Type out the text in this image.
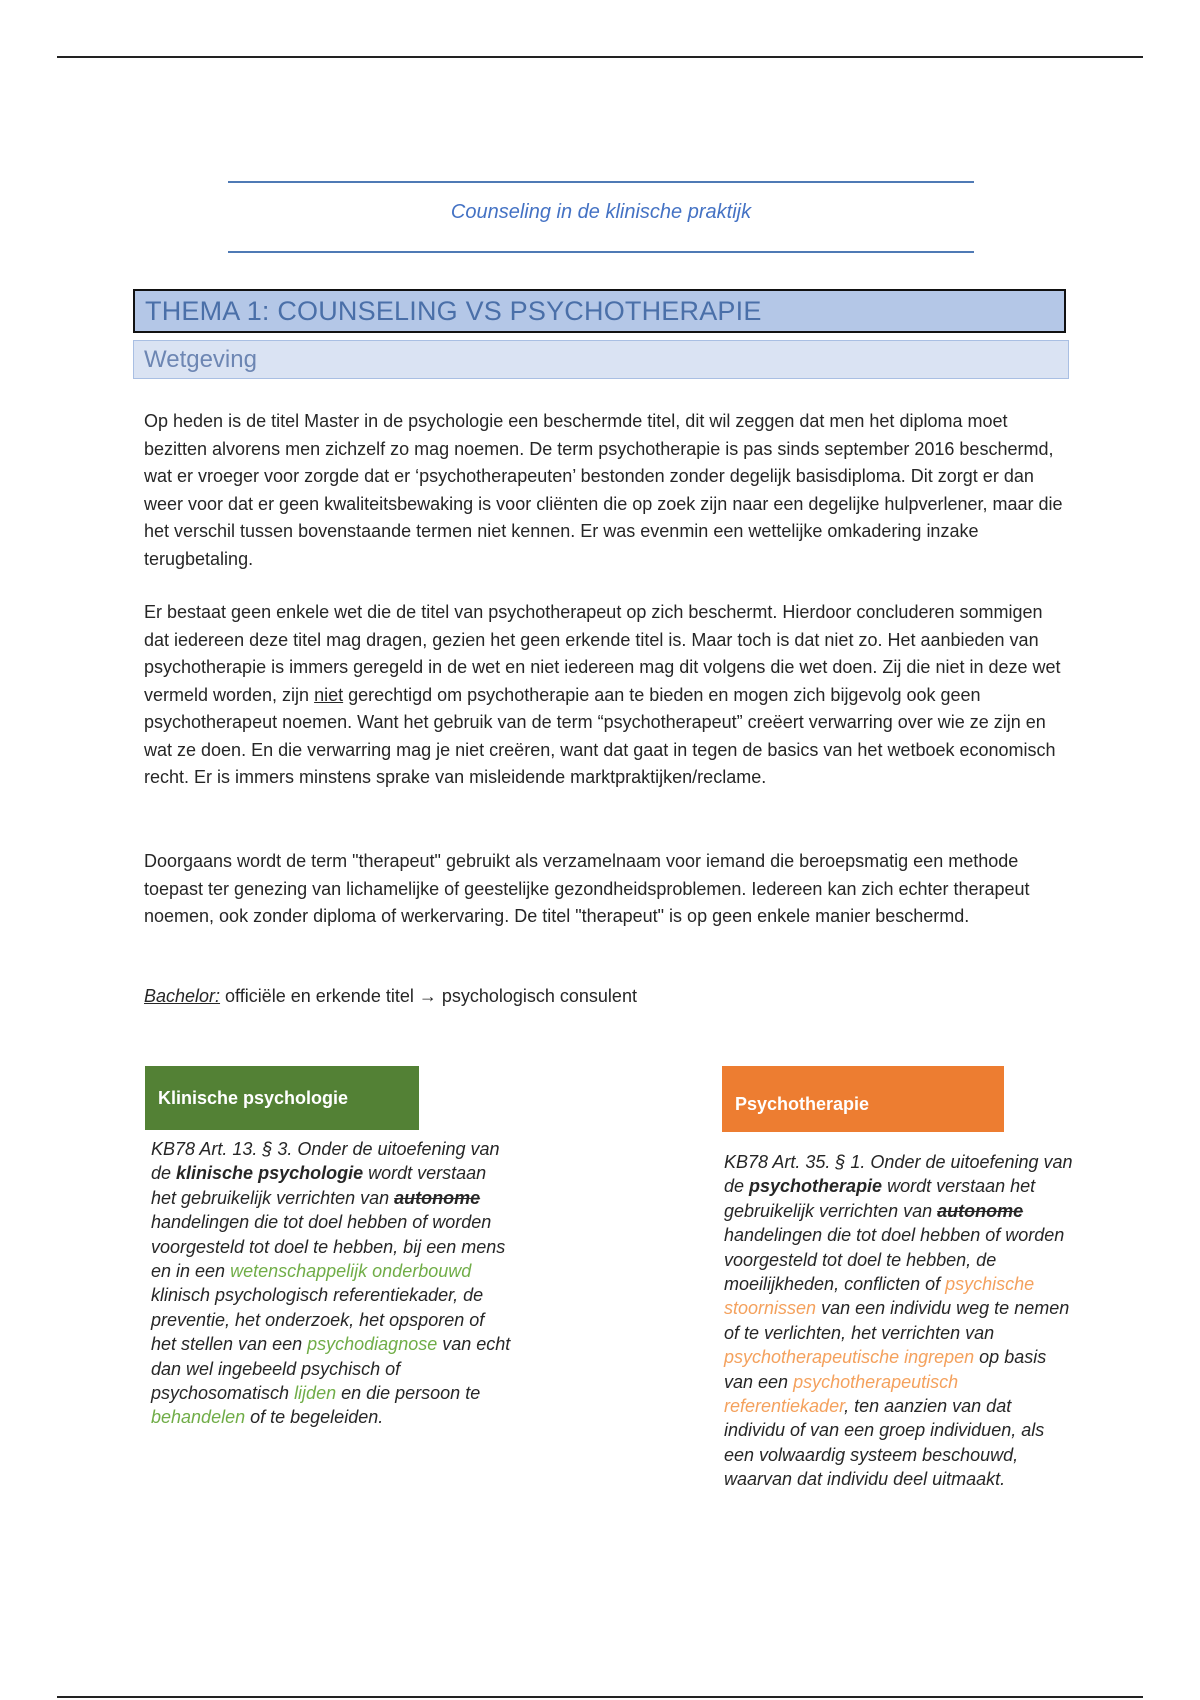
Counseling in de klinische praktijk
THEMA 1: COUNSELING VS PSYCHOTHERAPIE
Wetgeving

Op heden is de titel Master in de psychologie een beschermde titel, dit wil zeggen dat men het diploma moet bezitten alvorens men zichzelf zo mag noemen. De term psychotherapie is pas sinds september 2016 beschermd, wat er vroeger voor zorgde dat er ‘psychotherapeuten’ bestonden zonder degelijk basisdiploma. Dit zorgt er dan weer voor dat er geen kwaliteitsbewaking is voor cliënten die op zoek zijn naar een degelijke hulpverlener, maar die het verschil tussen bovenstaande termen niet kennen. Er was evenmin een wettelijke omkadering inzake terugbetaling.

Er bestaat geen enkele wet die de titel van psychotherapeut op zich beschermt. Hierdoor concluderen sommigen dat iedereen deze titel mag dragen, gezien het geen erkende titel is. Maar toch is dat niet zo. Het aanbieden van psychotherapie is immers geregeld in de wet en niet iedereen mag dit volgens die wet doen. Zij die niet in deze wet vermeld worden, zijn niet gerechtigd om psychotherapie aan te bieden en mogen zich bijgevolg ook geen psychotherapeut noemen. Want het gebruik van de term “psychotherapeut” creëert verwarring over wie ze zijn en wat ze doen. En die verwarring mag je niet creëren, want dat gaat in tegen de basics van het wetboek economisch recht. Er is immers minstens sprake van misleidende marktpraktijken/reclame.

Doorgaans wordt de term "therapeut" gebruikt als verzamelnaam voor iemand die beroepsmatig een methode toepast ter genezing van lichamelijke of geestelijke gezondheidsproblemen. Iedereen kan zich echter therapeut noemen, ook zonder diploma of werkervaring. De titel "therapeut" is op geen enkele manier beschermd.

Bachelor: officiële en erkende titel → psychologisch consulent

Klinische psychologie

KB78 Art. 13. § 3. Onder de uitoefening van de klinische psychologie wordt verstaan het gebruikelijk verrichten van autonome handelingen die tot doel hebben of worden voorgesteld tot doel te hebben, bij een mens en in een wetenschappelijk onderbouwd klinisch psychologisch referentiekader, de preventie, het onderzoek, het opsporen of het stellen van een psychodiagnose van echt dan wel ingebeeld psychisch of psychosomatisch lijden en die persoon te behandelen of te begeleiden.

Psychotherapie

KB78 Art. 35. § 1. Onder de uitoefening van de psychotherapie wordt verstaan het gebruikelijk verrichten van autonome handelingen die tot doel hebben of worden voorgesteld tot doel te hebben, de moeilijkheden, conflicten of psychische stoornissen van een individu weg te nemen of te verlichten, het verrichten van psychotherapeutische ingrepen op basis van een psychotherapeutisch referentiekader, ten aanzien van dat individu of van een groep individuen, als een volwaardig systeem beschouwd, waarvan dat individu deel uitmaakt.
